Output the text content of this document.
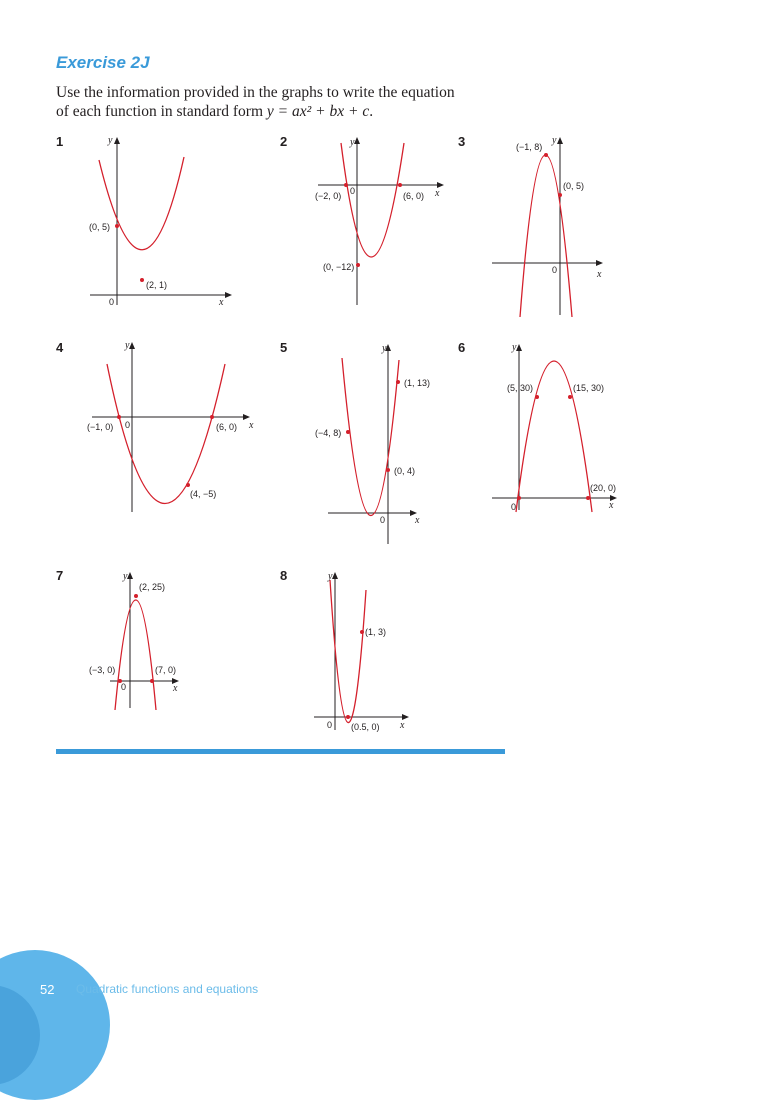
Exercise 2J
Use the information provided in the graphs to write the equation
of each function in standard form y = ax² + bx + c.
1	y
x
0
(0, 5)
(2, 1)
2	y
x
0
(−2, 0)	(6, 0)
(0, −12)
3	y
x
0
(−1, 8)
(0, 5)
4	y
x
0
(−1, 0)	(6, 0)
(4, −5)
5	y
x
0
(1, 13)
(−4, 8)
(0, 4)
6	y
x
0
(5, 30)	(15, 30)
(20, 0)
7	y
x
0
(2, 25)
(−3, 0)	(7, 0)
8	y
x
0
(1, 3)
(0.5, 0)
52 Quadratic functions and equations
